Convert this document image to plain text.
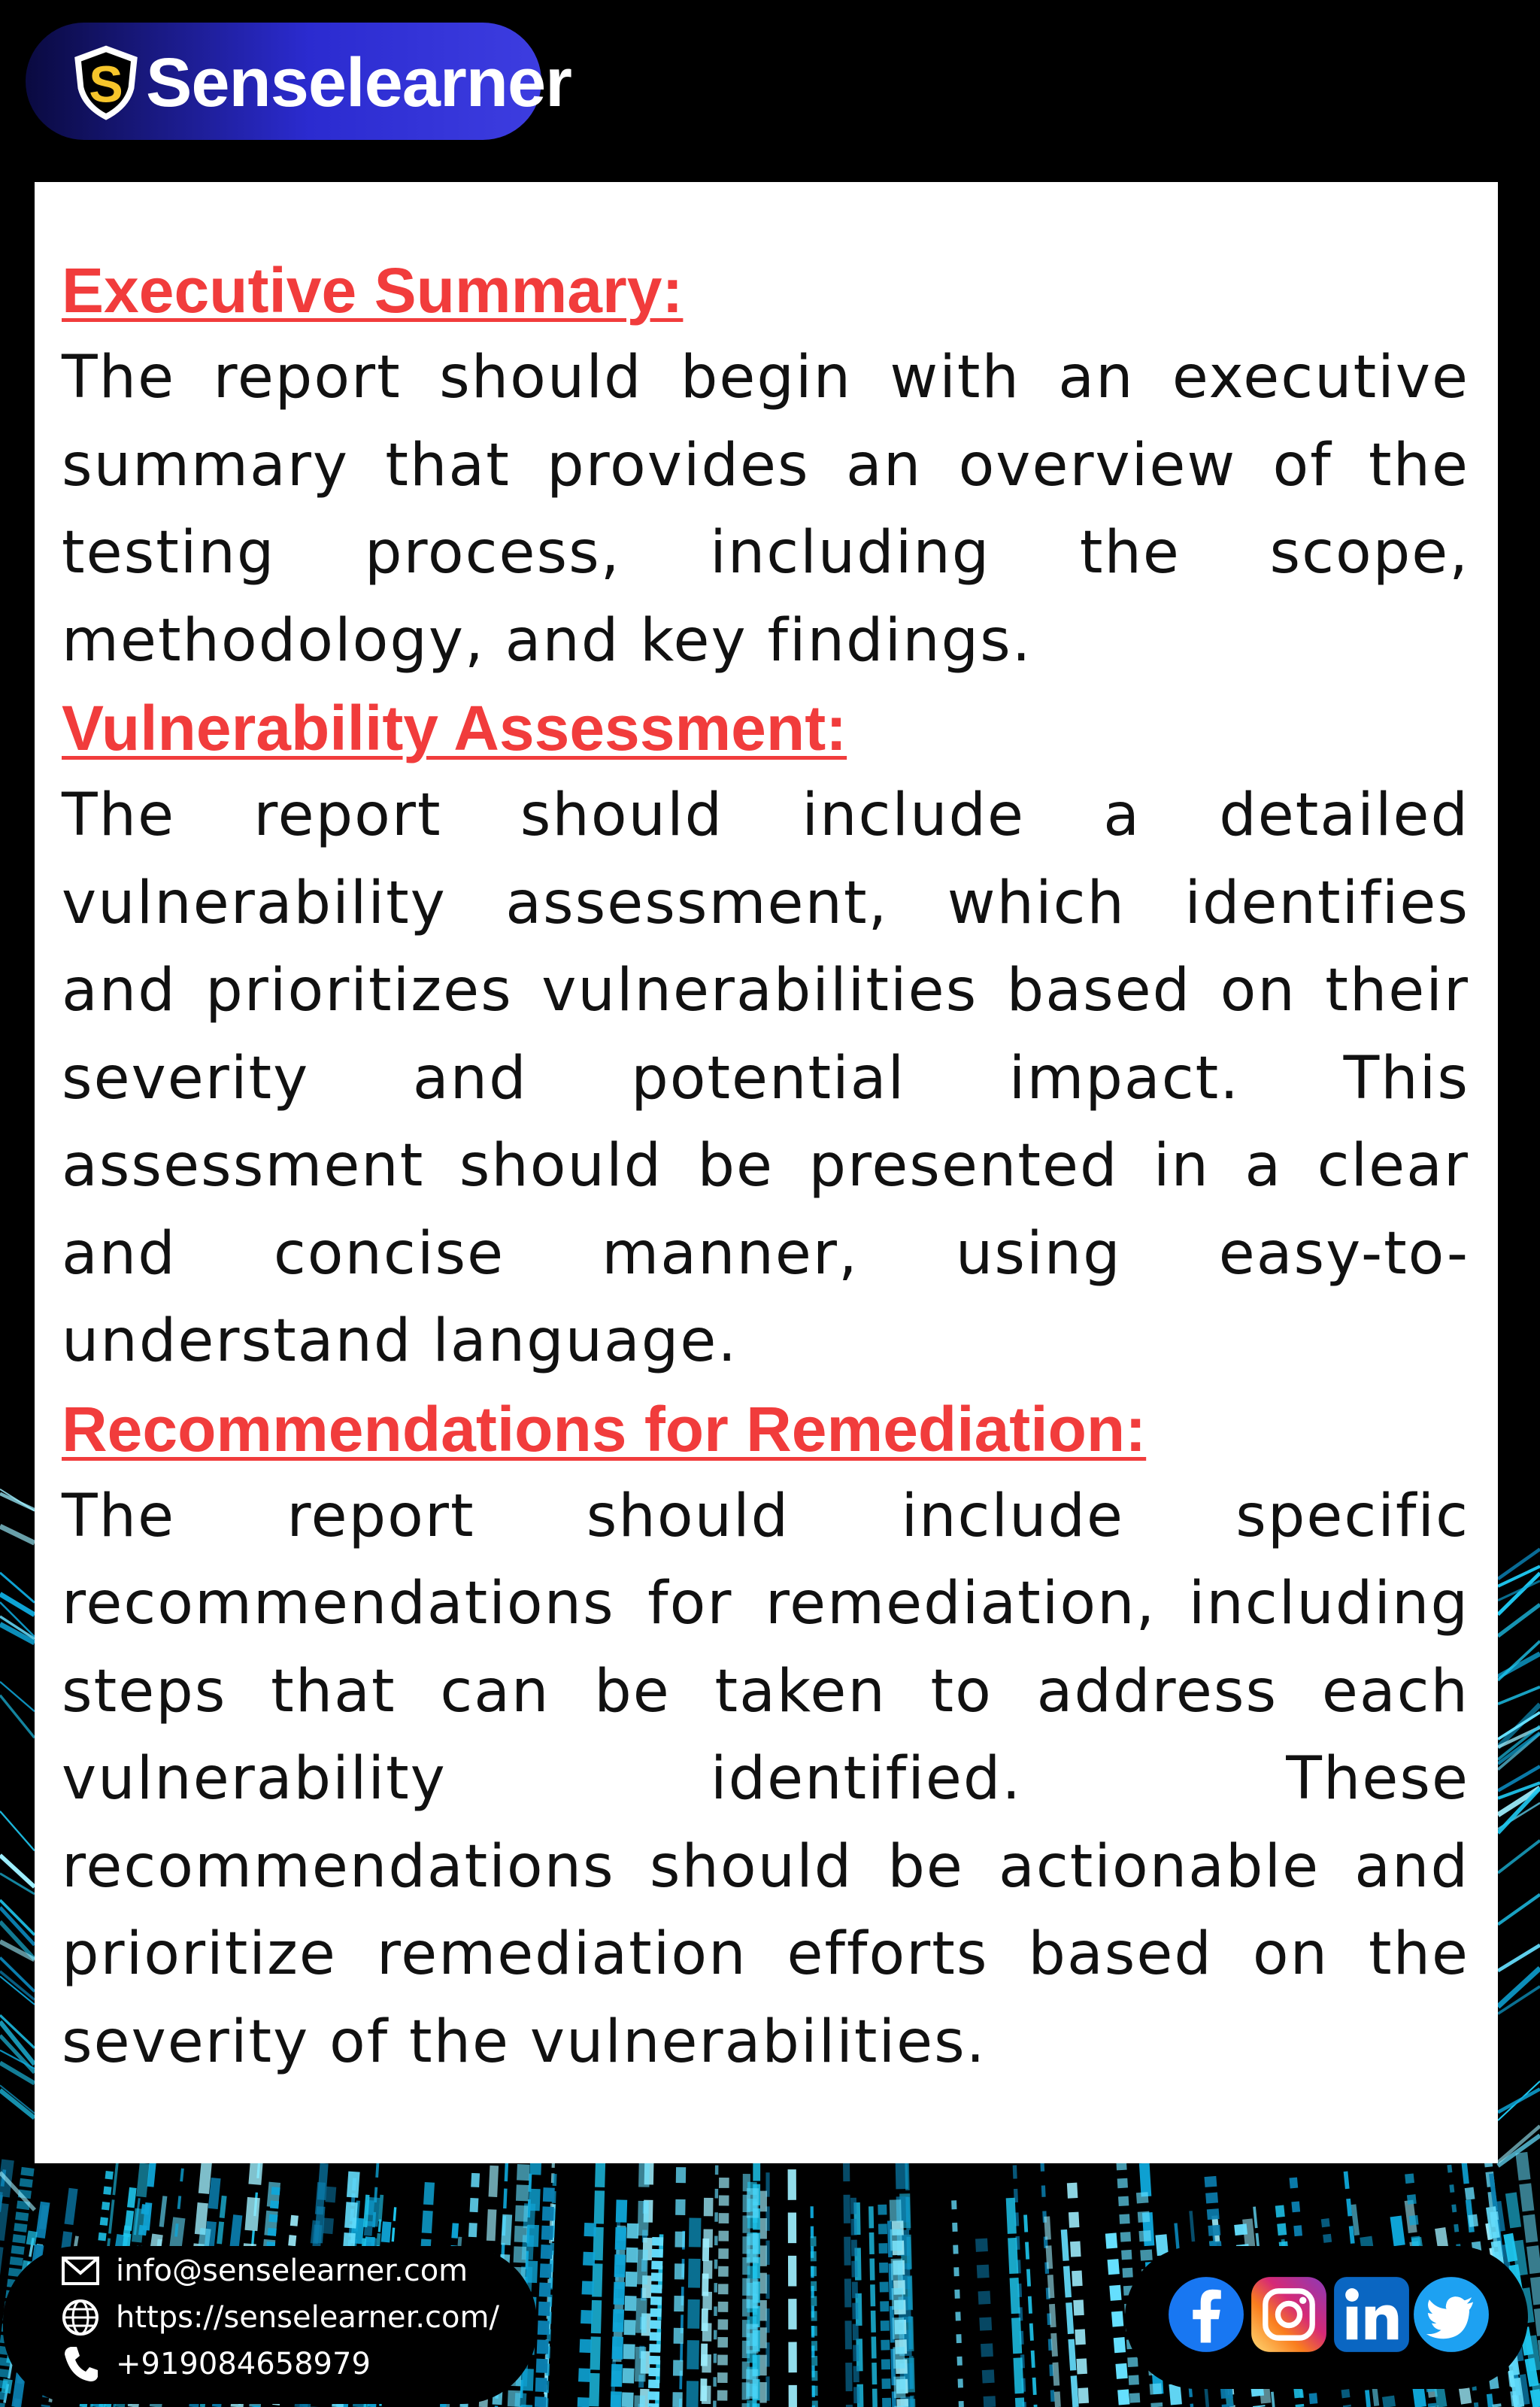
S Senselearner
Executive Summary:

The report should begin with an executive summary that provides an overview of the testing process, including the scope, methodology, and key findings.

Vulnerability Assessment:

The report should include a detailed vulnerability assessment, which identifies and prioritizes vulnerabilities based on their severity and potential impact. This assessment should be presented in a clear and concise manner, using easy-to-understand language.

Recommendations for Remediation:

The report should include specific recommendations for remediation, including steps that can be taken to address each vulnerability identified. These recommendations should be actionable and prioritize remediation efforts based on the severity of the vulnerabilities.

info@senselearner.com
https://senselearner.com/
+919084658979
